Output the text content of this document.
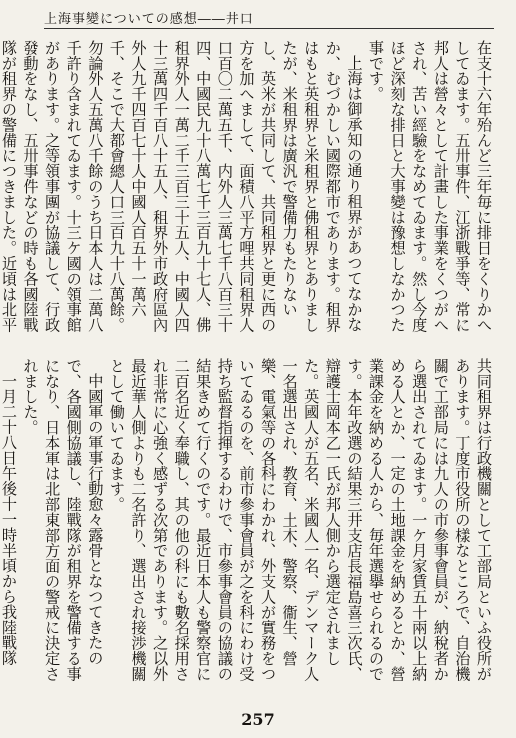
上海事變についての感想――井口

在支十六年殆んど三年毎に排日をくりかへしてゐます。五卅事件、江浙戰爭等、常に邦人は營々として計畫した事業をくつがへされ、苦い經驗をなめてゐます。然し今度ほど深刻な排日と大事變は豫想しなかつた事です。

上海は御承知の通り租界があつてなかなか、むづかしい國際都市であります。租界はもと英租界と米租界と佛租界とありましたが、米租界は廣汎で警備力もたりないし、英米が共同して、共同租界と更に西の方を加へまして、面積八平方哩共同租界人口百〇二萬五千、内外人三萬七千八百三十四、中國民九十八萬七千三百九十七人、佛租界外人一萬二千三百三十五人、中國人四十三萬四千百八十五人、租界外市政府區內外人九千四百七十人中國人百五十一萬六千、そこで大都會總人口三百九十八萬餘。勿論外人五萬八千餘のうち日本人は二萬八千許り含まれてゐます。十三ケ國の領事館があります。之等領事團が協議して、行政發動をなし、五卅事件などの時も各國陸戰隊が租界の警備につきました。近頃は北平

共同租界は行政機關として工部局といふ役所があります。丁度市役所の樣なところで、自治機關で工部局には九人の市參事會員が、納稅者から選出されてゐます。一ケ月家賃五十兩以上納める人とか、一定の土地課金を納めるとか、營業課金を納める人から、毎年選擧せられるのです。本年改選の結果三井支店長福島喜三次氏、辯護士岡本乙一氏が邦人側から選定されました。英國人が五名、米國人一名、デンマーク人一名選出され、教育、土木、警察、衞生、營樂、電氣等の各科にわかれ、外支人が實務をついてゐるのを、前市參事會員が之を科にわけ受持ち監督指揮するわけで、市參事會員の協議の結果きめて行くのです。最近日本人も警察官に二百名近く奉職し、其の他の科にも數名採用され非常に心強く感ずる次第であります。之以外最近華人側よりも二名許り、選出され接渉機關として働いてゐます。

中國軍の軍事行動愈々露骨となつてきたので、各國側協議し、陸戰隊が租界を警備する事になり、日本軍は北部東部方面の警戒に決定されました。

一月二十八日午後十一時半頃から我陸戰隊

257
